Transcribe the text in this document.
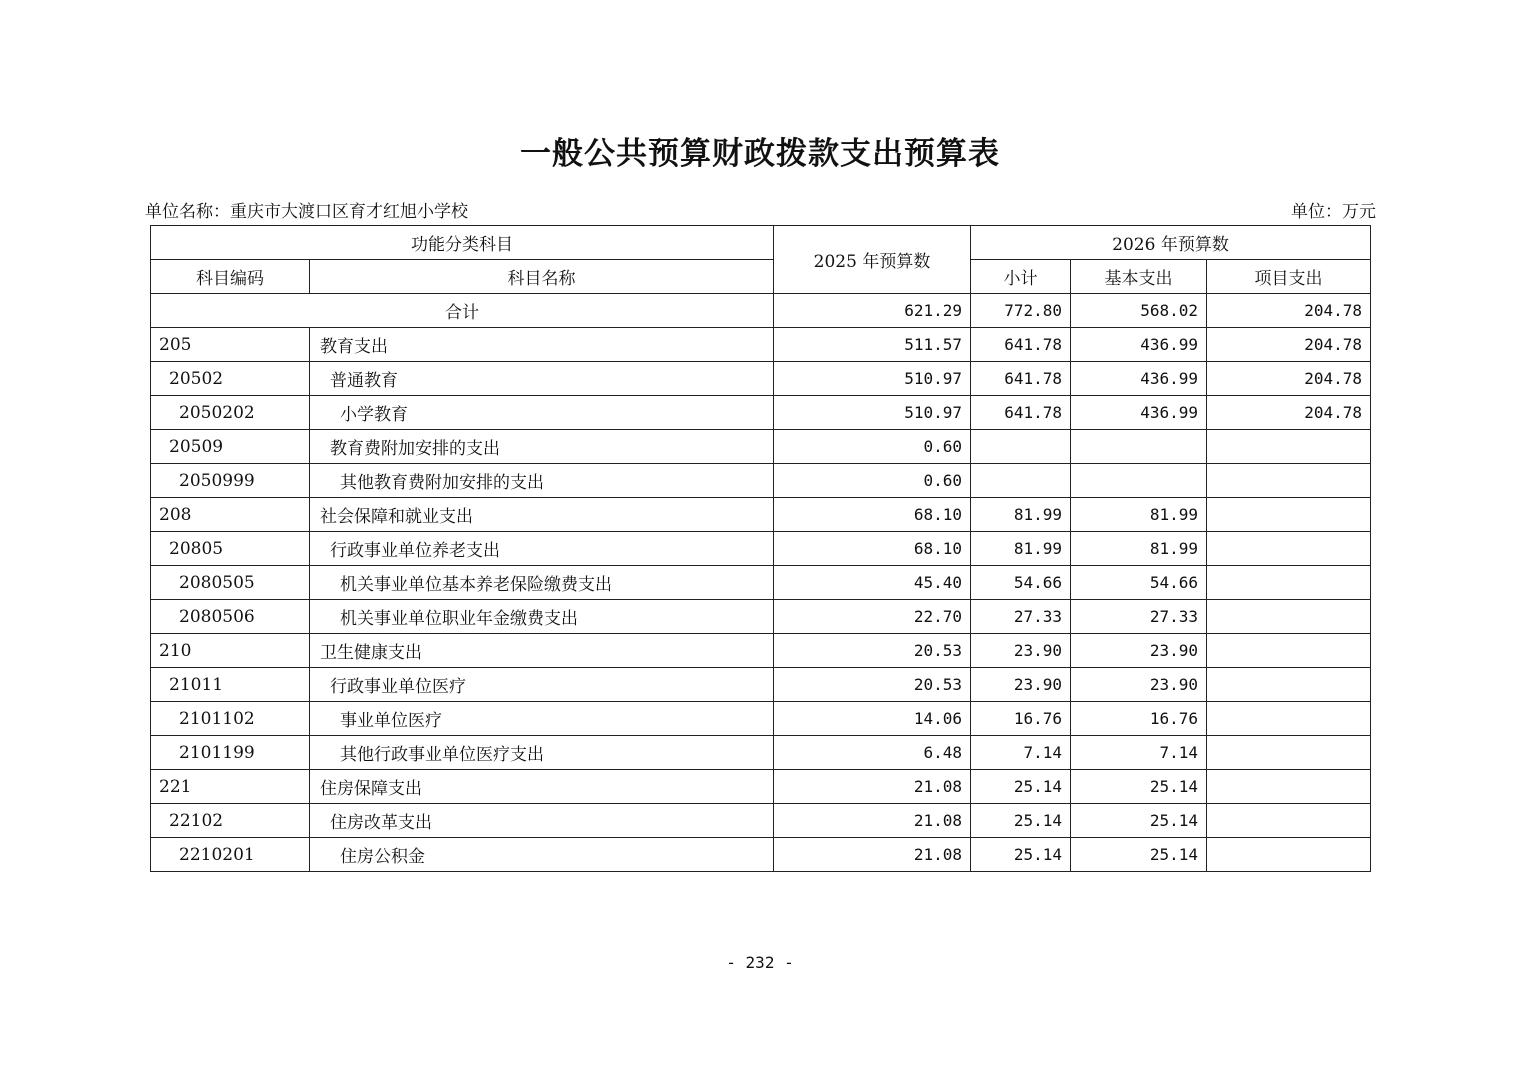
一般公共预算财政拨款支出预算表
单位名称：重庆市大渡口区育才红旭小学校	单位：万元
功能分类科目		2025 年预算数	2026 年预算数		
科目编码	科目名称		小计	基本支出	项目支出
合计		621.29	772.80	568.02	204.78
205	教育支出	511.57	641.78	436.99	204.78
20502	普通教育	510.97	641.78	436.99	204.78
2050202	小学教育	510.97	641.78	436.99	204.78
20509	教育费附加安排的支出	0.60			
2050999	其他教育费附加安排的支出	0.60			
208	社会保障和就业支出	68.10	81.99	81.99	
20805	行政事业单位养老支出	68.10	81.99	81.99	
2080505	机关事业单位基本养老保险缴费支出	45.40	54.66	54.66	
2080506	机关事业单位职业年金缴费支出	22.70	27.33	27.33	
210	卫生健康支出	20.53	23.90	23.90	
21011	行政事业单位医疗	20.53	23.90	23.90	
2101102	事业单位医疗	14.06	16.76	16.76	
2101199	其他行政事业单位医疗支出	6.48	7.14	7.14	
221	住房保障支出	21.08	25.14	25.14	
22102	住房改革支出	21.08	25.14	25.14	
2210201	住房公积金	21.08	25.14	25.14	
- 232 -
